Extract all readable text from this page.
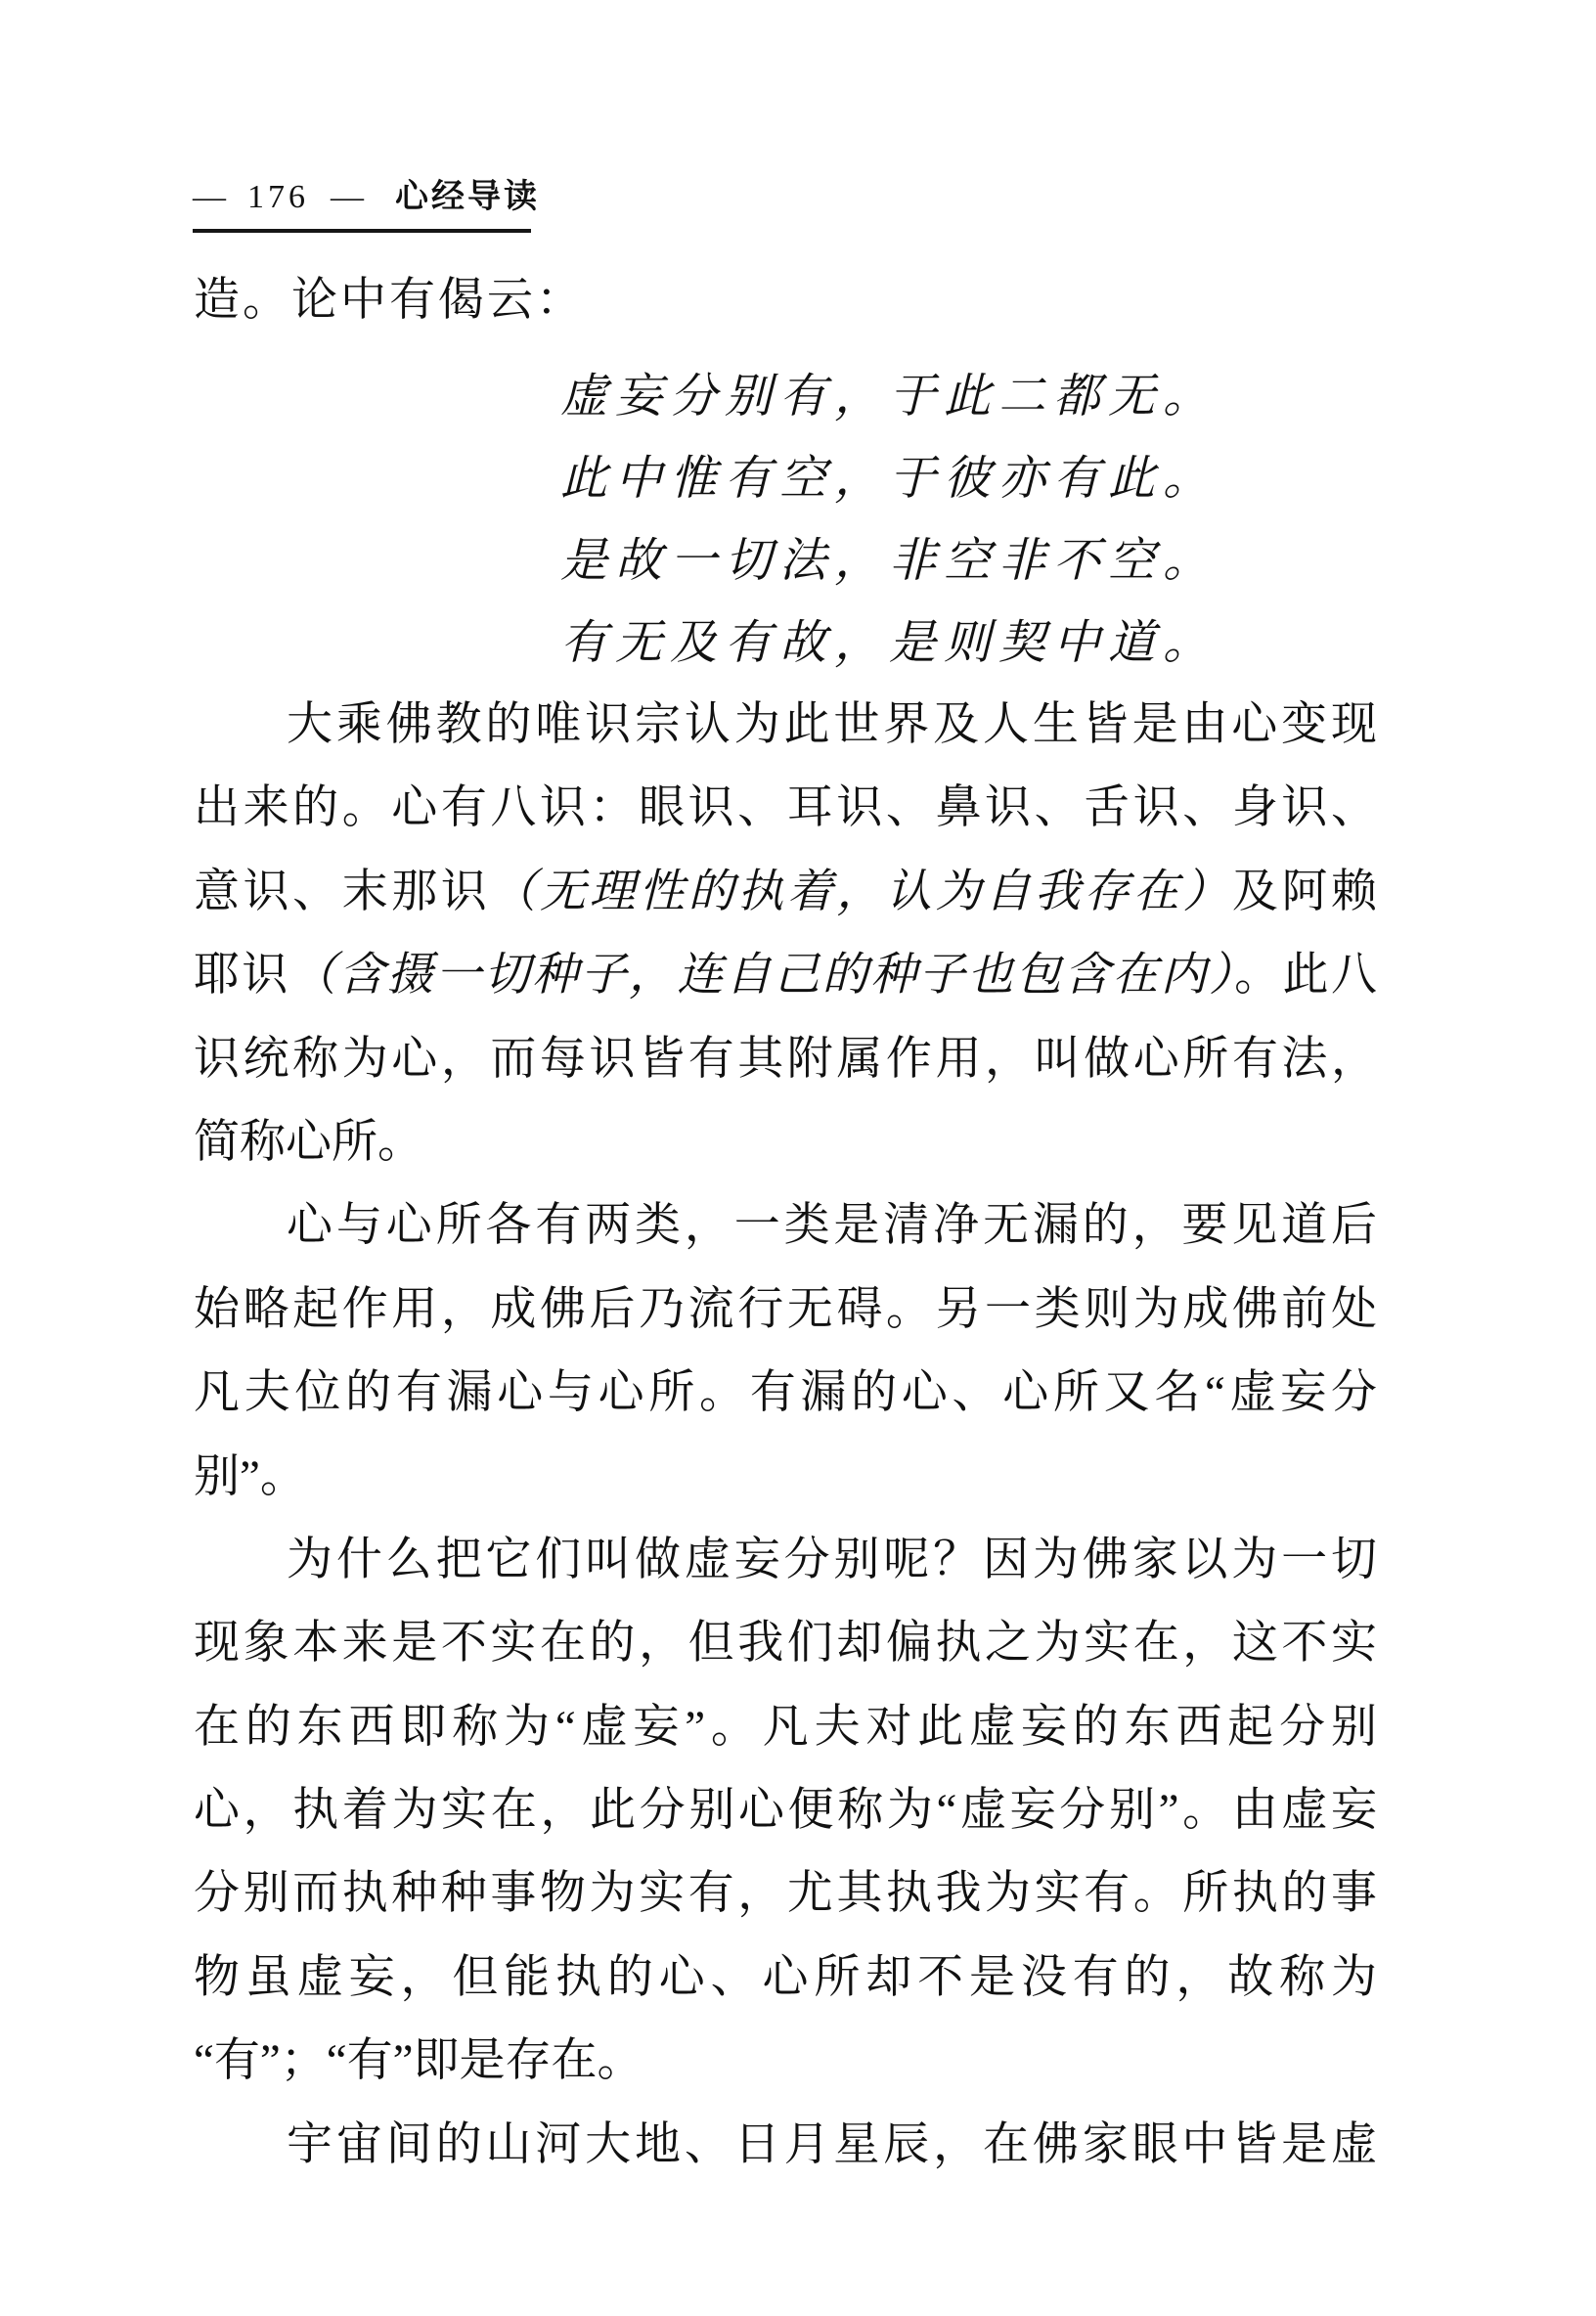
— 176 — 心经导读
造。论中有偈云：
虚妄分别有，于此二都无。
此中惟有空，于彼亦有此。
是故一切法，非空非不空。
有无及有故，是则契中道。
大乘佛教的唯识宗认为此世界及人生皆是由心变现
出来的。心有八识：眼识、耳识、鼻识、舌识、身识、
意识、末那识（无理性的执着，认为自我存在）及阿赖
耶识（含摄一切种子，连自己的种子也包含在内）。此八
识统称为心，而每识皆有其附属作用，叫做心所有法，
简称心所。
心与心所各有两类，一类是清净无漏的，要见道后
始略起作用，成佛后乃流行无碍。另一类则为成佛前处
凡夫位的有漏心与心所。有漏的心、心所又名“虚妄分
别”。
为什么把它们叫做虚妄分别呢？因为佛家以为一切
现象本来是不实在的，但我们却偏执之为实在，这不实
在的东西即称为“虚妄”。凡夫对此虚妄的东西起分别
心，执着为实在，此分别心便称为“虚妄分别”。由虚妄
分别而执种种事物为实有，尤其执我为实有。所执的事
物虽虚妄，但能执的心、心所却不是没有的，故称为
“有”；“有”即是存在。
宇宙间的山河大地、日月星辰，在佛家眼中皆是虚
